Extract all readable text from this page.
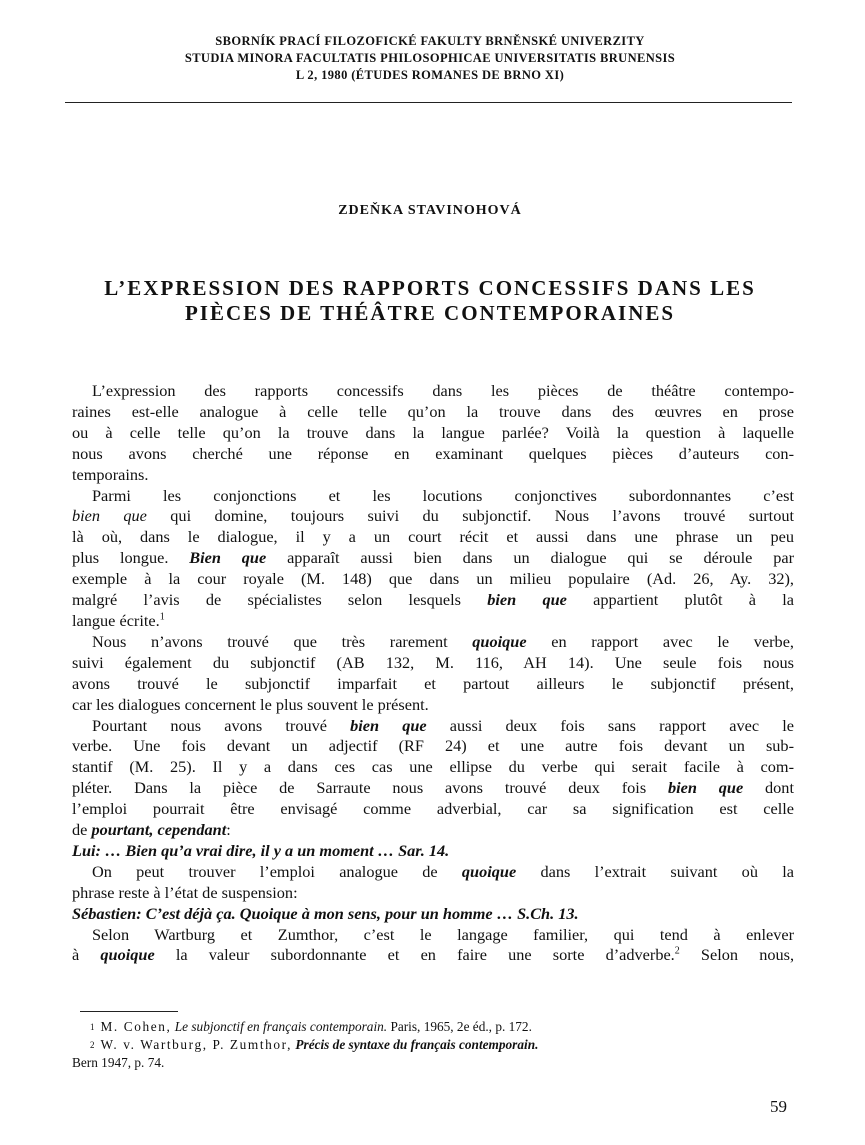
SBORNÍK PRACÍ FILOZOFICKÉ FAKULTY BRNĚNSKÉ UNIVERZITY
STUDIA MINORA FACULTATIS PHILOSOPHICAE UNIVERSITATIS BRUNENSIS
L 2, 1980 (ÉTUDES ROMANES DE BRNO XI)
ZDEŇKA STAVINOHOVÁ
L’EXPRESSION DES RAPPORTS CONCESSIFS DANS LES
PIÈCES DE THÉÂTRE CONTEMPORAINES
L’expression des rapports concessifs dans les pièces de théâtre contempo-
raines est-elle analogue à celle telle qu’on la trouve dans des œuvres en prose
ou à celle telle qu’on la trouve dans la langue parlée? Voilà la question à laquelle
nous avons cherché une réponse en examinant quelques pièces d’auteurs con-
temporains.
Parmi les conjonctions et les locutions conjonctives subordonnantes c’est
bien que qui domine, toujours suivi du subjonctif. Nous l’avons trouvé surtout
là où, dans le dialogue, il y a un court récit et aussi dans une phrase un peu
plus longue. Bien que apparaît aussi bien dans un dialogue qui se déroule par
exemple à la cour royale (M. 148) que dans un milieu populaire (Ad. 26, Ay. 32),
malgré l’avis de spécialistes selon lesquels bien que appartient plutôt à la
langue écrite.$^1$
Nous n’avons trouvé que très rarement quoique en rapport avec le verbe,
suivi également du subjonctif (AB 132, M. 116, AH 14). Une seule fois nous
avons trouvé le subjonctif imparfait et partout ailleurs le subjonctif présent,
car les dialogues concernent le plus souvent le présent.
Pourtant nous avons trouvé bien que aussi deux fois sans rapport avec le
verbe. Une fois devant un adjectif (RF 24) et une autre fois devant un sub-
stantif (M. 25). Il y a dans ces cas une ellipse du verbe qui serait facile à com-
pléter. Dans la pièce de Sarraute nous avons trouvé deux fois bien que dont
l’emploi pourrait être envisagé comme adverbial, car sa signification est celle
de pourtant, cependant:
Lui: … Bien qu’a vrai dire, il y a un moment … Sar. 14.
On peut trouver l’emploi analogue de quoique dans l’extrait suivant où la
phrase reste à l’état de suspension:
Sébastien: C’est déjà ça. Quoique à mon sens, pour un homme … S.Ch. 13.
Selon Wartburg et Zumthor, c’est le langage familier, qui tend à enlever
à quoique la valeur subordonnante et en faire une sorte d’adverbe.$^2$ Selon nous,
$^1$ M. Cohen, Le subjonctif en français contemporain. Paris, 1965, 2e éd., p. 172.
$^2$ W. v. Wartburg, P. Zumthor, Précis de syntaxe du français contemporain.
Bern 1947, p. 74.
59
